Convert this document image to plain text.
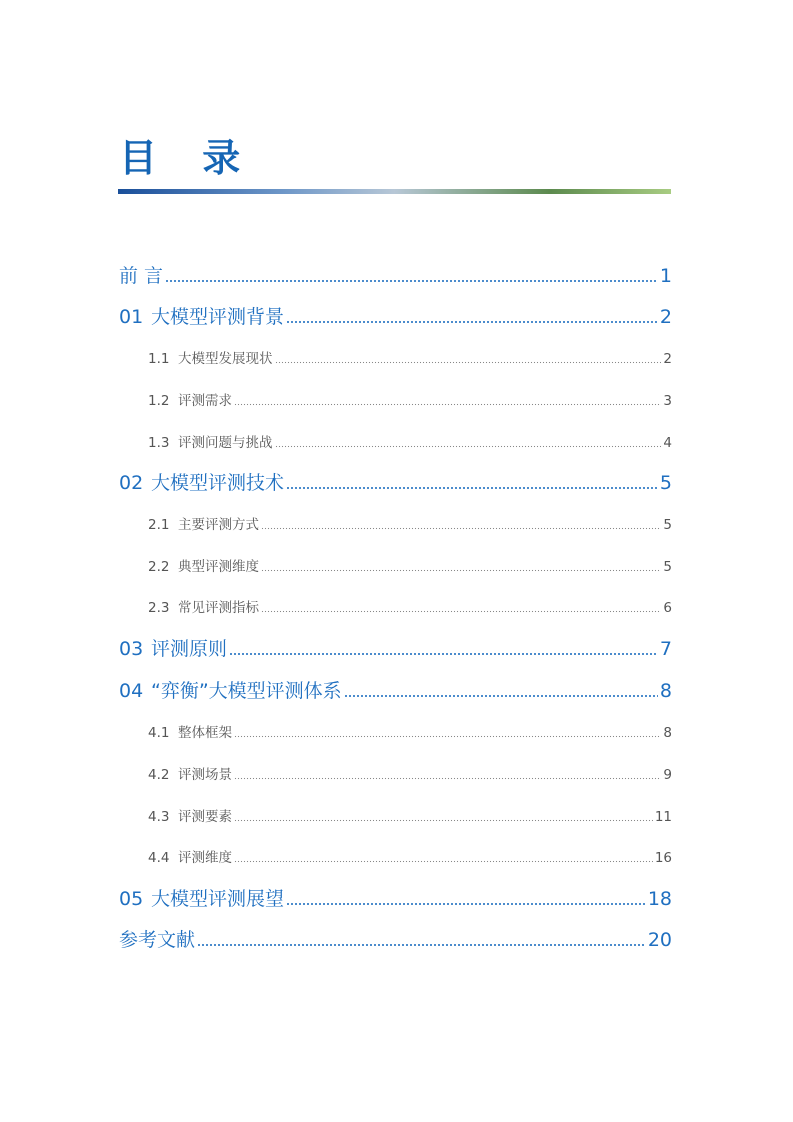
目 录
前 言	1
01 大模型评测背景	2
1.1 大模型发展现状	2
1.2 评测需求	3
1.3 评测问题与挑战	4
02 大模型评测技术	5
2.1 主要评测方式	5
2.2 典型评测维度	5
2.3 常见评测指标	6
03 评测原则	7
04 “弈衡”大模型评测体系	8
4.1 整体框架	8
4.2 评测场景	9
4.3 评测要素	11
4.4 评测维度	16
05 大模型评测展望	18
参考文献	20
